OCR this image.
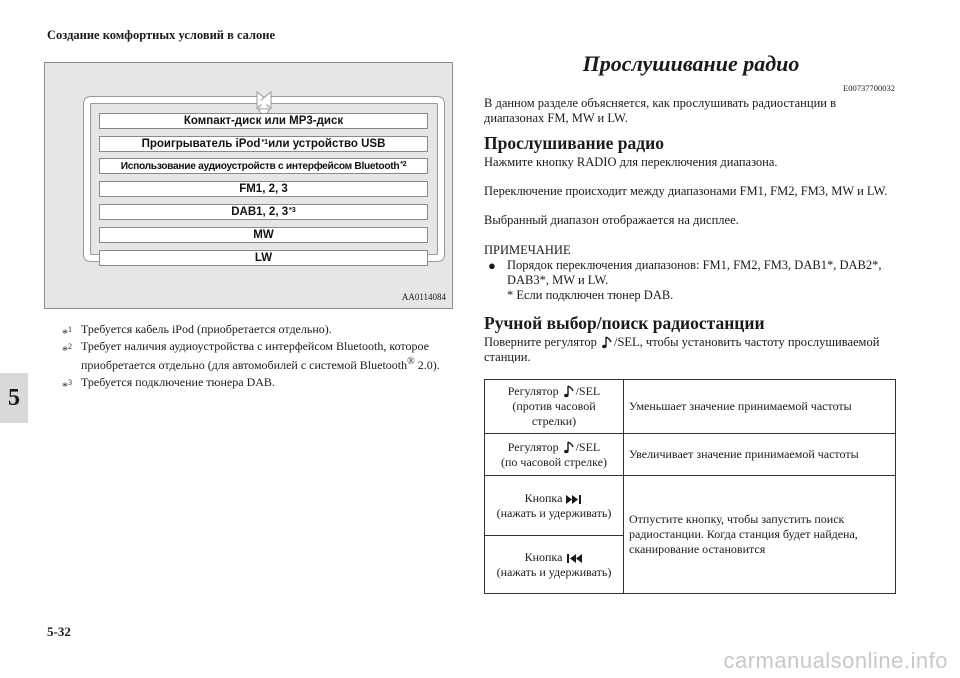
Создание комфортных условий в салоне
5
Компакт-диск или MP3-диск
Проигрыватель iPod$^{*1}$ или устройство USB
Использование аудиоустройств с интерфейсом Bluetooth$^{*2}$
FM1, 2, 3
DAB1, 2, 3$^{*3}$
MW
LW
AA0114084
*$^1$ Требуется кабель iPod (приобретается отдельно).
*$^2$ Требует наличия аудиоустройства с интерфейсом Bluetooth, которое приобретается отдельно (для автомобилей с системой Bluetooth® 2.0).
*$^3$ Требуется подключение тюнера DAB.
Прослушивание радио
E00737700032
В данном разделе объясняется, как прослушивать радиостанции в диапазонах FM, MW и LW.
Прослушивание радио
Нажмите кнопку RADIO для переключения диапазона.
Переключение происходит между диапазонами FM1, FM2, FM3, MW и LW.
Выбранный диапазон отображается на дисплее.
ПРИМЕЧАНИЕ
● Порядок переключения диапазонов: FM1, FM2, FM3, DAB1*, DAB2*, DAB3*, MW и LW.
* Если подключен тюнер DAB.
Ручной выбор/поиск радиостанции
Поверните регулятор /SEL, чтобы установить частоту прослушиваемой станции.
Регулятор /SEL
(против часовой стрелки)	Уменьшает значение принимаемой частоты
Регулятор /SEL
(по часовой стрелке)	Увеличивает значение принимаемой частоты
Кнопка
(нажать и удерживать)	Отпустите кнопку, чтобы запустить поиск радиостанции. Когда станция будет найдена, сканирование остановится
Кнопка
(нажать и удерживать)	
5-32
carmanualsonline.info
